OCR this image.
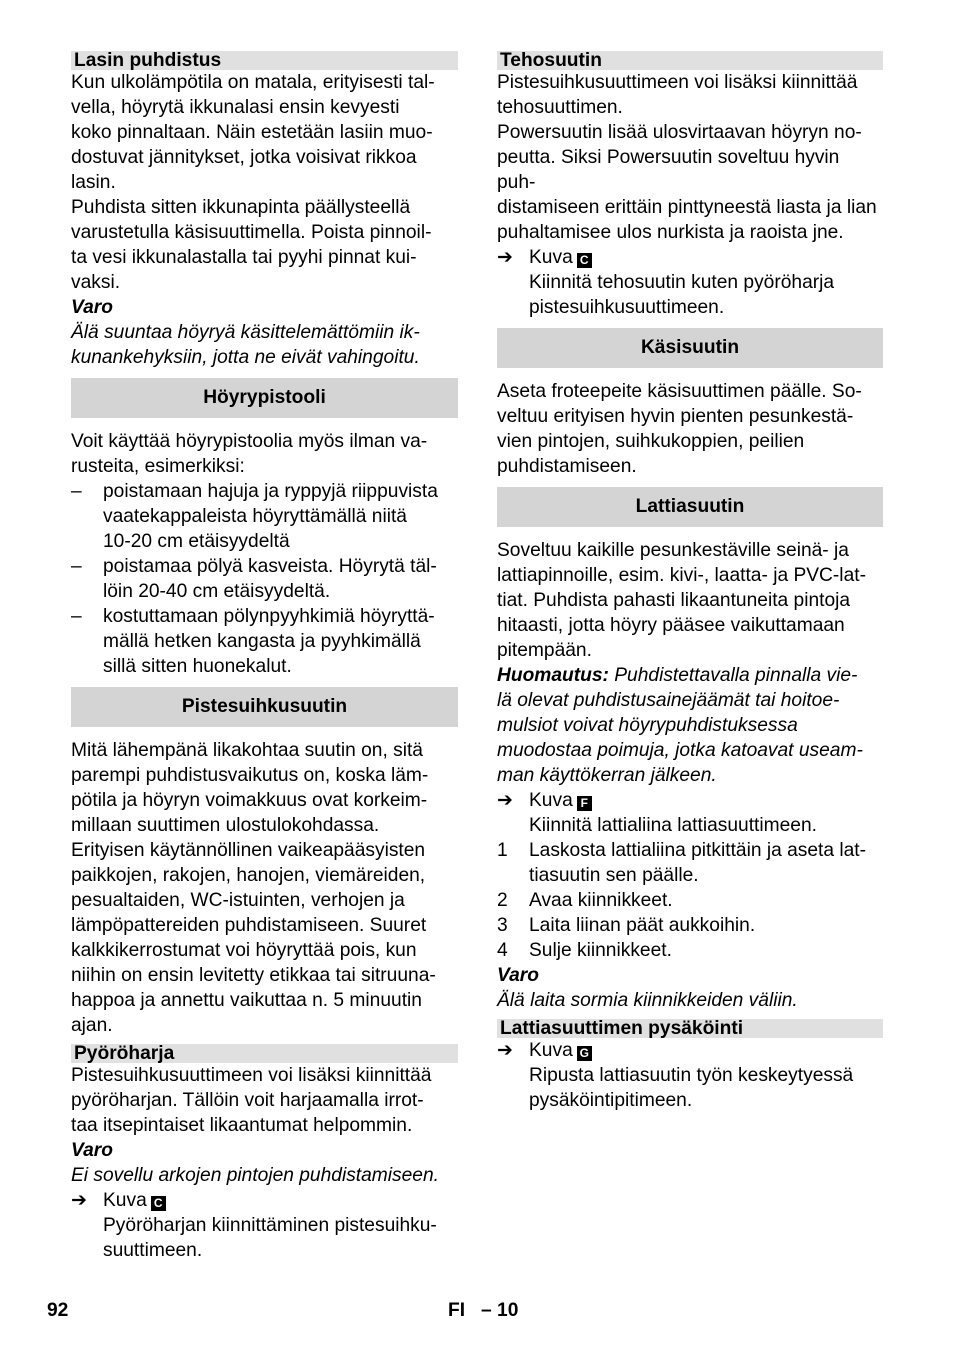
Lasin puhdistus
Kun ulkolämpötila on matala, erityisesti tal-
vella, höyrytä ikkunalasi ensin kevyesti
koko pinnaltaan. Näin estetään lasiin muo-
dostuvat jännitykset, jotka voisivat rikkoa
lasin.
Puhdista sitten ikkunapinta päällysteellä
varustetulla käsisuuttimella. Poista pinnoil-
ta vesi ikkunalastalla tai pyyhi pinnat kui-
vaksi.
Varo
Älä suuntaa höyryä käsittelemättömiin ik-
kunankehyksiin, jotta ne eivät vahingoitu.
Höyrypistooli
Voit käyttää höyrypistoolia myös ilman va-
rusteita, esimerkiksi:
–	poistamaan hajuja ja ryppyjä riippuvista
vaatekappaleista höyryttämällä niitä
10-20 cm etäisyydeltä
–	poistamaa pölyä kasveista. Höyrytä täl-
löin 20-40 cm etäisyydeltä.
–	kostuttamaan pölynpyyhkimiä höyryttä-
mällä hetken kangasta ja pyyhkimällä
sillä sitten huonekalut.
Pistesuihkusuutin
Mitä lähempänä likakohtaa suutin on, sitä
parempi puhdistusvaikutus on, koska läm-
pötila ja höyryn voimakkuus ovat korkeim-
millaan suuttimen ulostulokohdassa.
Erityisen käytännöllinen vaikeapääsyisten
paikkojen, rakojen, hanojen, viemäreiden,
pesualtaiden, WC-istuinten, verhojen ja
lämpöpattereiden puhdistamiseen. Suuret
kalkkikerrostumat voi höyryttää pois, kun
niihin on ensin levitetty etikkaa tai sitruuna-
happoa ja annettu vaikuttaa n. 5 minuutin
ajan.
Pyöröharja
Pistesuihkusuuttimeen voi lisäksi kiinnittää
pyöröharjan. Tällöin voit harjaamalla irrot-
taa itsepintaiset likaantumat helpommin.
Varo
Ei sovellu arkojen pintojen puhdistamiseen.
➔ Kuva C
Pyöröharjan kiinnittäminen pistesuihku-
suuttimeen.
Tehosuutin
Pistesuihkusuuttimeen voi lisäksi kiinnittää
tehosuuttimen.
Powersuutin lisää ulosvirtaavan höyryn no-
peutta. Siksi Powersuutin soveltuu hyvin puh-
distamiseen erittäin pinttyneestä liasta ja lian
puhaltamisee ulos nurkista ja raoista jne.
➔ Kuva C
Kiinnitä tehosuutin kuten pyöröharja
pistesuihkusuuttimeen.
Käsisuutin
Aseta froteepeite käsisuuttimen päälle. So-
veltuu erityisen hyvin pienten pesunkestä-
vien pintojen, suihkukoppien, peilien
puhdistamiseen.
Lattiasuutin
Soveltuu kaikille pesunkestäville seinä- ja
lattiapinnoille, esim. kivi-, laatta- ja PVC-lat-
tiat. Puhdista pahasti likaantuneita pintoja
hitaasti, jotta höyry pääsee vaikuttamaan
pitempään.
Huomautus: Puhdistettavalla pinnalla vie-
lä olevat puhdistusainejäämät tai hoitoe-
mulsiot voivat höyrypuhdistuksessa
muodostaa poimuja, jotka katoavat useam-
man käyttökerran jälkeen.
➔ Kuva F
Kiinnitä lattialiina lattiasuuttimeen.
1	Laskosta lattialiina pitkittäin ja aseta lat-
tiasuutin sen päälle.
2	Avaa kiinnikkeet.
3	Laita liinan päät aukkoihin.
4	Sulje kiinnikkeet.
Varo
Älä laita sormia kiinnikkeiden väliin.
Lattiasuuttimen pysäköinti
➔ Kuva G
Ripusta lattiasuutin työn keskeytyessä
pysäköintipitimeen.
92	FI   – 10
